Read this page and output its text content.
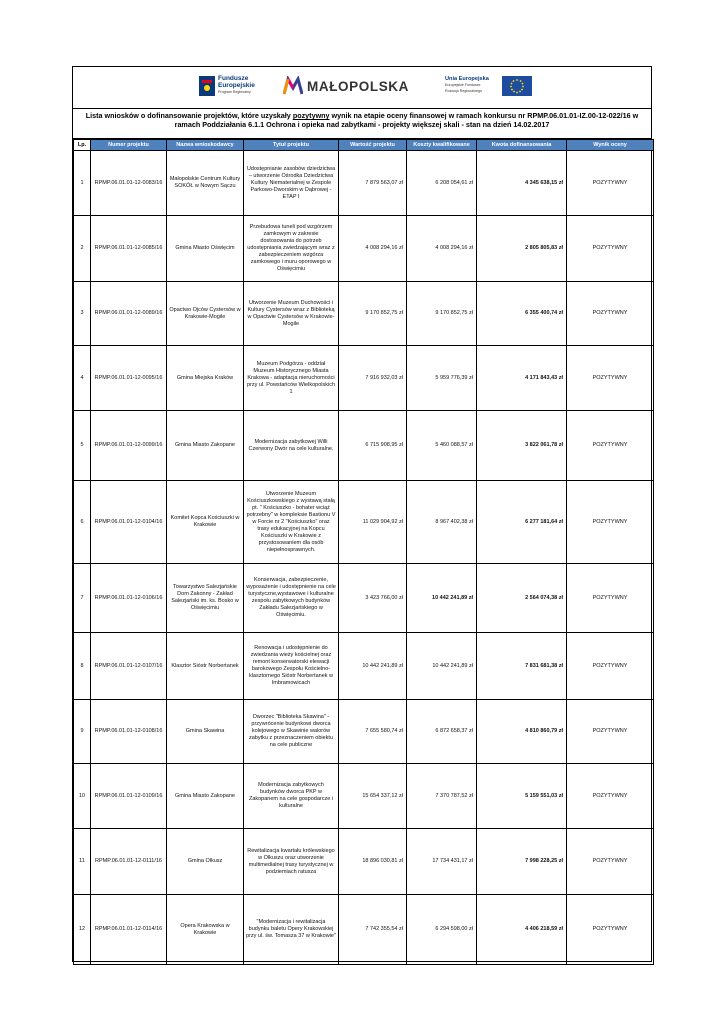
Fundusze
Europejskie
Program Regionalny	MAŁOPOLSKA	Unia Europejska
Europejskie Fundusze
Rozwoju Regionalnego
Lista wniosków o dofinansowanie projektów, które uzyskały pozytywny wynik na etapie oceny finansowej w ramach konkursu nr RPMP.06.01.01-IZ.00-12-022/16 w ramach Poddziałania 6.1.1 Ochrona i opieka nad zabytkami - projekty większej skali - stan na dzień 14.02.2017
Lp.	Numer projektu	Nazwa wnioskodawcy	Tytuł projektu	Wartość projektu	Koszty kwalifikowane	Kwota dofinansowania	Wynik oceny
1	RPMP.06.01.01-12-0083/16	Małopolskie Centrum Kultury SOKÓŁ w Nowym Sączu	Udostępnianie zasobów dziedzictwa – utworzenie Ośrodka Dziedzictwa Kultury Niematerialnej w Zespole Parkowo-Dworskim w Dąbrowej - ETAP I	7 879 563,07 zł	6 208 054,61 zł	4 345 638,15 zł	POZYTYWNY
2	RPMP.06.01.01-12-0085/16	Gmina Miasto Oświęcim	Przebudowa tuneli pod wzgórzem zamkowym w zakresie dostosowania do potrzeb udostępniania zwiedzającym wraz z zabezpieczeniem wzgórza zamkowego i muru oporowego w Oświęcimiu	4 008 294,16 zł	4 008 294,16 zł	2 805 805,83 zł	POZYTYWNY
3	RPMP.06.01.01-12-0089/16	Opactwo Ojców Cystersów w Krakowie-Mogile	Utworzenie Muzeum Duchowości i Kultury Cystersów wraz z Biblioteką w Opactwie Cystersów w Krakowie-Mogile	9 170 852,75 zł	9 170 852,75 zł	6 355 400,74 zł	POZYTYWNY
4	RPMP.06.01.01-12-0095/16	Gmina Miejska Kraków	Muzeum Podgórza - oddział Muzeum Historycznego Miasta Krakowa - adaptacja nieruchomości przy ul. Powstańców Wielkopolskich 1	7 916 932,03 zł	5 959 776,39 zł	4 171 843,43 zł	POZYTYWNY
5	RPMP.06.01.01-12-0099/16	Gmina Miasto Zakopane	Modernizacja zabytkowej Willi Czerwony Dwór na cele kulturalne.	6 715 908,95 zł	5 460 088,57 zł	3 822 061,78 zł	POZYTYWNY
6	RPMP.06.01.01-12-0104/16	Komitet Kopca Kościuszki w Krakowie	Utworzenie Muzeum Kościuszkowskiego z wystawą stałą pt. " Kościuszko - bohater wciąż potrzebny" w kompleksie Bastionu V w Forcie nr 2 "Kościuszko" oraz trasy edukacyjnej na Kopcu Kościuszki w Krakowie z przystosowaniem dla osób niepełnosprawnych.	11 029 904,92 zł	8 967 402,38 zł	6 277 181,64 zł	POZYTYWNY
7	RPMP.06.01.01-12-0106/16	Towarzystwo Salezjańskie Dom Zakonny - Zakład Salezjański im. ks. Bosko w Oświęcimiu	Konserwacja, zabezpieczenie, wyposażenie i udostępnienie na cele turystyczne,wystawowe i kulturalne zespołu zabytkowych budynków Zakładu Salezjańskiego w Oświęcimiu.	3 423 766,00 zł	10 442 241,89 zł	2 564 074,38 zł	POZYTYWNY
8	RPMP.06.01.01-12-0107/16	Klasztor Sióstr Norbertanek	Renowacja i udostępnienie do zwiedzania wieży kościelnej oraz remont konserwatorski elewacji barokowego Zespołu Kościelno-klasztornego Sióstr Norbertanek w Imbramowicach	10 442 241,89 zł	10 442 241,89 zł	7 831 681,38 zł	POZYTYWNY
9	RPMP.06.01.01-12-0108/16	Gmina Skawina	Dworzec "Biblioteka Skawina" - przywrócenie budynkowi dworca kolejowego w Skawinie walorów zabytku z przeznaczeniem obiektu na cele publiczne	7 655 580,74 zł	6 872 658,37 zł	4 810 860,79 zł	POZYTYWNY
10	RPMP.06.01.01-12-0109/16	Gmina Miasto Zakopane	Modernizacja zabytkowych budynków dworca PKP w Zakopanem na cele gospodarcze i kulturalne	15 654 337,12 zł	7 370 787,52 zł	5 159 551,03 zł	POZYTYWNY
11	RPMP.06.01.01-12-0111/16	Gmina Olkusz	Rewitalizacja kwartału królewskiego w Olkuszu oraz utworzenie multimedialnej trasy turystycznej w podziemiach ratusza	18 896 030,81 zł	17 734 431,17 zł	7 998 228,25 zł	POZYTYWNY
12	RPMP.06.01.01-12-0114/16	Opera Krakowska w Krakowie	"Modernizacja i rewitalizacja budynku baletu Opery Krakowskiej przy ul. św. Tomasza 37 w Krakowie"	7 742 355,54 zł	6 294 598,00 zł	4 406 218,59 zł	POZYTYWNY
